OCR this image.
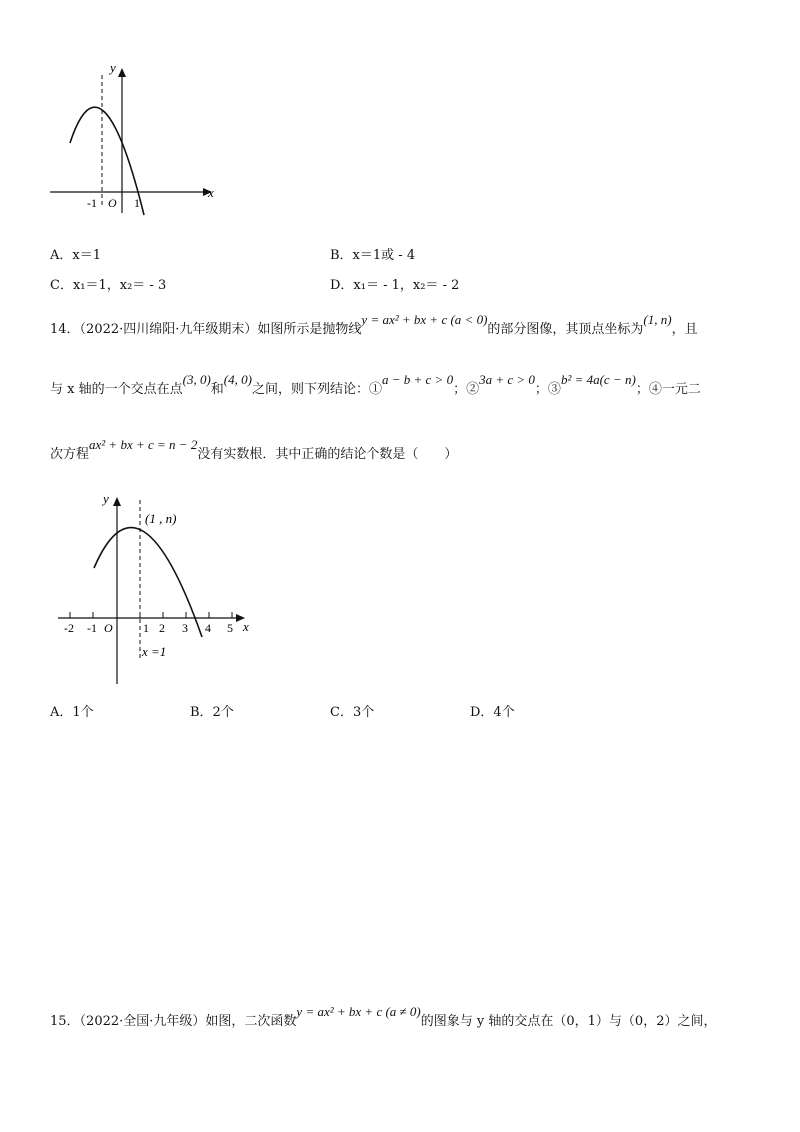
y
x
-1 O 1
A．x＝1	B．x＝1或 - 4
C．x₁＝1，x₂＝ - 3	D．x₁＝ - 1，x₂＝ - 2
14．（2022·四川绵阳·九年级期末）如图所示是抛物线y = ax² + bx + c (a < 0)的部分图像，其顶点坐标为(1, n)，且
与 x 轴的一个交点在点(3, 0)和(4, 0)之间，则下列结论：①a − b + c > 0；②3a + c > 0；③b² = 4a(c − n)；④一元二
次方程ax² + bx + c = n − 2没有实数根．其中正确的结论个数是（　　）
y
x
(1 , n)
-2 -1 O	1 2 3 4 5
x =1
A．1个	B．2个	C．3个	D．4个
15．（2022·全国·九年级）如图，二次函数y = ax² + bx + c (a ≠ 0)的图象与 y 轴的交点在（0，1）与（0，2）之间，
